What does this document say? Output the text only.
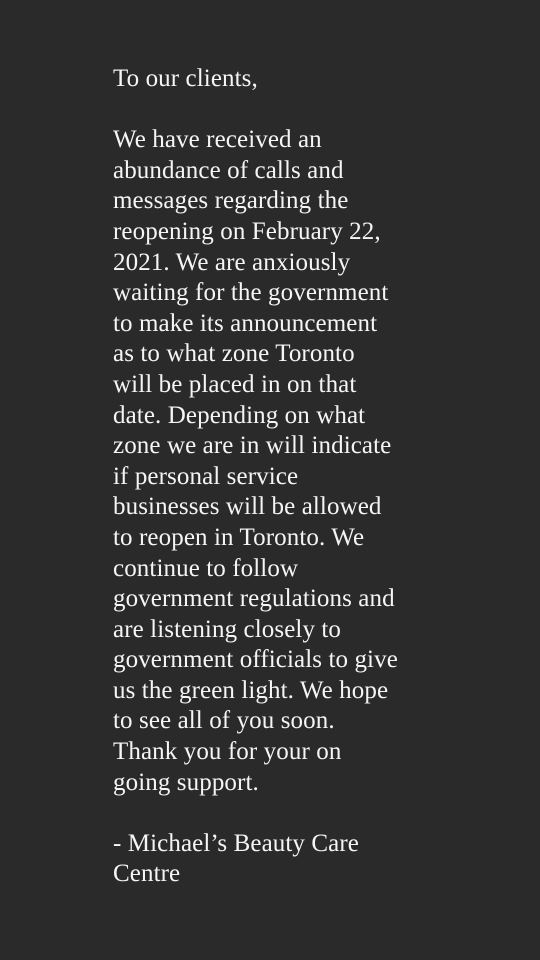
To our clients,
We have received an
abundance of calls and
messages regarding the
reopening on February 22,
2021. We are anxiously
waiting for the government
to make its announcement
as to what zone Toronto
will be placed in on that
date. Depending on what
zone we are in will indicate
if personal service
businesses will be allowed
to reopen in Toronto. We
continue to follow
government regulations and
are listening closely to
government officials to give
us the green light. We hope
to see all of you soon.
Thank you for your on
going support.
- Michael’s Beauty Care
Centre
